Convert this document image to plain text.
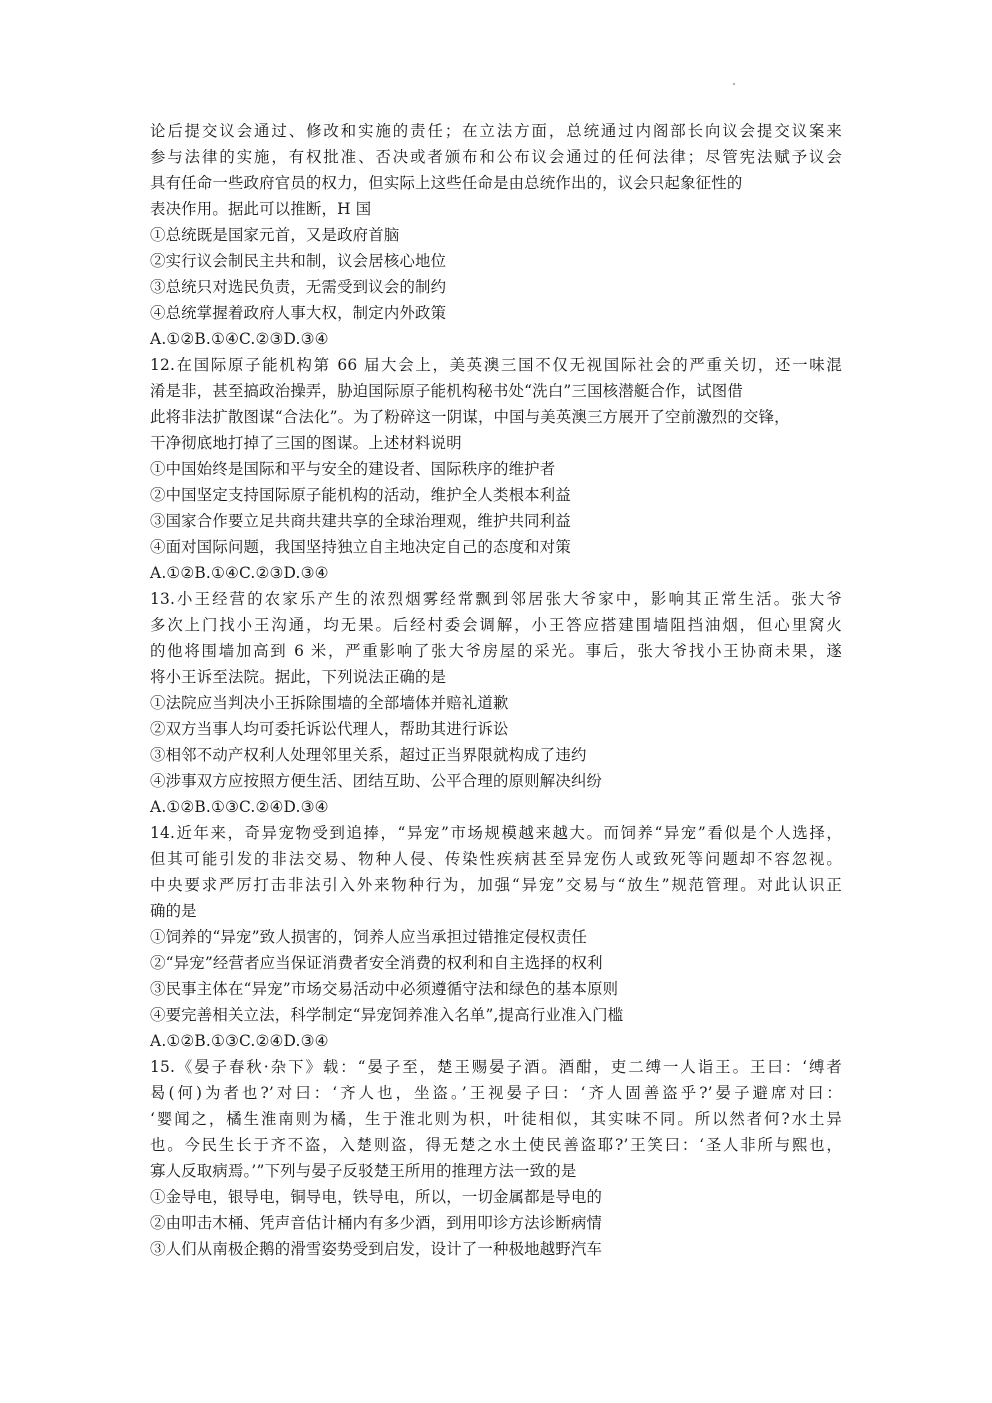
论后提交议会通过、修改和实施的责任；在立法方面，总统通过内阁部长向议会提交议案来
参与法律的实施，有权批准、否决或者颁布和公布议会通过的任何法律；尽管宪法赋予议会
具有任命一些政府官员的权力，但实际上这些任命是由总统作出的，议会只起象征性的
表决作用。据此可以推断，H 国
①总统既是国家元首，又是政府首脑
②实行议会制民主共和制，议会居核心地位
③总统只对选民负责，无需受到议会的制约
④总统掌握着政府人事大权，制定内外政策
A.①②B.①④C.②③D.③④
12.在国际原子能机构第 66 届大会上，美英澳三国不仅无视国际社会的严重关切，还一味混
淆是非，甚至搞政治操弄，胁迫国际原子能机构秘书处“洗白”三国核潜艇合作，试图借
此将非法扩散图谋“合法化”。为了粉碎这一阴谋，中国与美英澳三方展开了空前激烈的交锋，
干净彻底地打掉了三国的图谋。上述材料说明
①中国始终是国际和平与安全的建设者、国际秩序的维护者
②中国坚定支持国际原子能机构的活动，维护全人类根本利益
③国家合作要立足共商共建共享的全球治理观，维护共同利益
④面对国际问题，我国坚持独立自主地决定自己的态度和对策
A.①②B.①④C.②③D.③④
13.小王经营的农家乐产生的浓烈烟雾经常飘到邻居张大爷家中，影响其正常生活。张大爷
多次上门找小王沟通，均无果。后经村委会调解，小王答应搭建围墙阻挡油烟，但心里窝火
的他将围墙加高到 6 米，严重影响了张大爷房屋的采光。事后，张大爷找小王协商未果，遂
将小王诉至法院。据此，下列说法正确的是
①法院应当判决小王拆除围墙的全部墙体并赔礼道歉
②双方当事人均可委托诉讼代理人，帮助其进行诉讼
③相邻不动产权利人处理邻里关系，超过正当界限就构成了违约
④涉事双方应按照方便生活、团结互助、公平合理的原则解决纠纷
A.①②B.①③C.②④D.③④
14.近年来，奇异宠物受到追捧，“异宠”市场规模越来越大。而饲养“异宠”看似是个人选择，
但其可能引发的非法交易、物种人侵、传染性疾病甚至异宠伤人或致死等问题却不容忽视。
中央要求严厉打击非法引入外来物种行为，加强“异宠”交易与“放生”规范管理。对此认识正
确的是
①饲养的“异宠”致人损害的，饲养人应当承担过错推定侵权责任
②“异宠”经营者应当保证消费者安全消费的权利和自主选择的权利
③民事主体在“异宠”市场交易活动中必须遵循守法和绿色的基本原则
④要完善相关立法，科学制定“异宠饲养准入名单”,提高行业准入门槛
A.①②B.①③C.②④D.③④
15.《晏子春秋·杂下》载：“晏子至，楚王赐晏子酒。酒酣，吏二缚一人诣王。王曰：‘缚者
曷(何)为者也?’对曰：‘齐人也，坐盗。’王视晏子曰：‘齐人固善盗乎?’晏子避席对曰：
‘婴闻之，橘生淮南则为橘，生于淮北则为枳，叶徒相似，其实味不同。所以然者何?水土异
也。今民生长于齐不盗，入楚则盗，得无楚之水土使民善盗耶?’王笑曰：‘圣人非所与熙也，
寡人反取病焉。’”下列与晏子反驳楚王所用的推理方法一致的是
①金导电，银导电，铜导电，铁导电，所以，一切金属都是导电的
②由叩击木桶、凭声音估计桶内有多少酒，到用叩诊方法诊断病情
③人们从南极企鹅的滑雪姿势受到启发，设计了一种极地越野汽车
